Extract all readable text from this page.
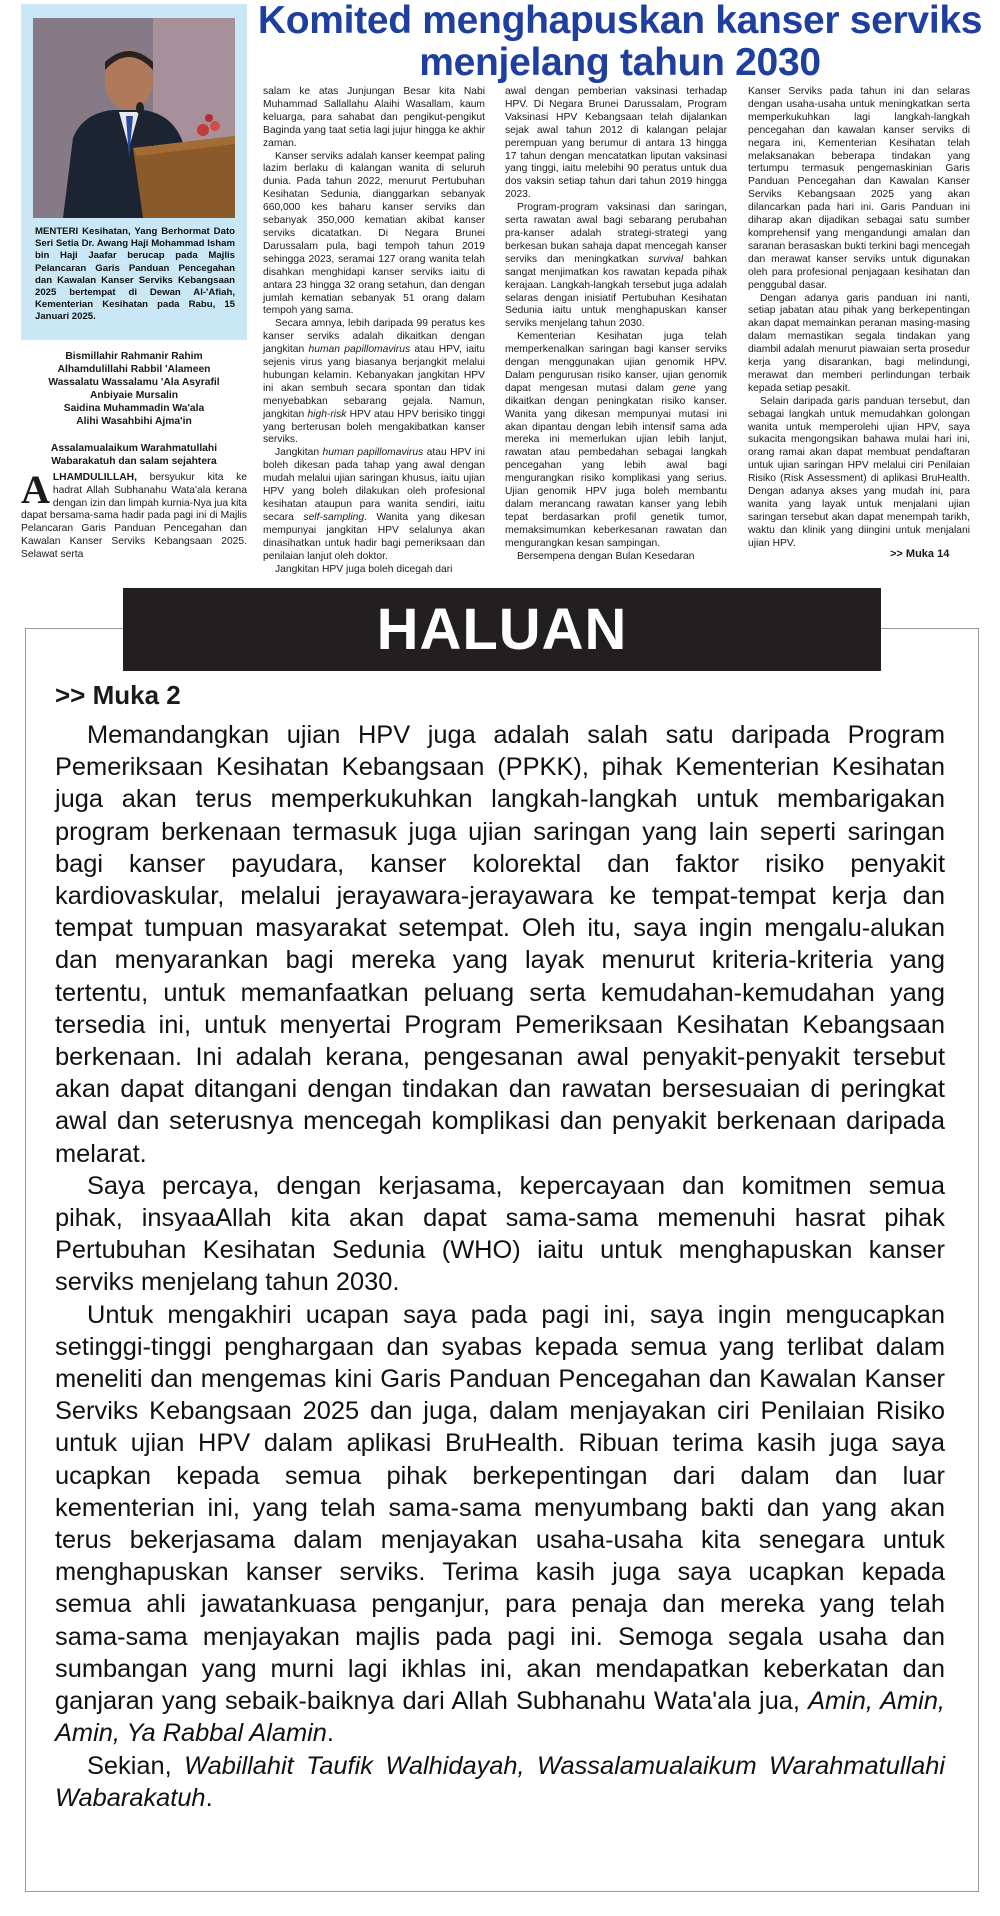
MENTERI Kesihatan, Yang Berhormat Dato Seri Setia Dr. Awang Haji Mohammad Isham bin Haji Jaafar berucap pada Majlis Pelancaran Garis Panduan Pencegahan dan Kawalan Kanser Serviks Kebangsaan 2025 bertempat di Dewan Al-'Afiah, Kementerian Kesihatan pada Rabu, 15 Januari 2025.

Bismillahir Rahmanir Rahim

Alhamdulillahi Rabbil 'Alameen

Wassalatu Wassalamu 'Ala Asyrafil

Anbiyaie Mursalin

Saidina Muhammadin Wa'ala

Alihi Wasahbihi Ajma'in

Assalamualaikum Warahmatullahi

Wabarakatuh dan salam sejahtera

ALHAMDULILLAH, bersyukur kita ke hadrat Allah Subhanahu Wata'ala kerana dengan izin dan limpah kurnia-Nya jua kita dapat bersama-sama hadir pada pagi ini di Majlis Pelancaran Garis Panduan Pencegahan dan Kawalan Kanser Serviks Kebangsaan 2025. Selawat serta
Komited menghapuskan kanser serviks menjelang tahun 2030

salam ke atas Junjungan Besar kita Nabi Muhammad Sallallahu Alaihi Wasallam, kaum keluarga, para sahabat dan pengikut-pengikut Baginda yang taat setia lagi jujur hingga ke akhir zaman.

Kanser serviks adalah kanser keempat paling lazim berlaku di kalangan wanita di seluruh dunia. Pada tahun 2022, menurut Pertubuhan Kesihatan Sedunia, dianggarkan sebanyak 660,000 kes baharu kanser serviks dan sebanyak 350,000 kematian akibat kanser serviks dicatatkan. Di Negara Brunei Darussalam pula, bagi tempoh tahun 2019 sehingga 2023, seramai 127 orang wanita telah disahkan menghidapi kanser serviks iaitu di antara 23 hingga 32 orang setahun, dan dengan jumlah kematian sebanyak 51 orang dalam tempoh yang sama.

Secara amnya, lebih daripada 99 peratus kes kanser serviks adalah dikaitkan dengan jangkitan human papillomavirus atau HPV, iaitu sejenis virus yang biasanya berjangkit melalui hubungan kelamin. Kebanyakan jangkitan HPV ini akan sembuh secara spontan dan tidak menyebabkan sebarang gejala. Namun, jangkitan high-risk HPV atau HPV berisiko tinggi yang berterusan boleh mengakibatkan kanser serviks.

Jangkitan human papillomavirus atau HPV ini boleh dikesan pada tahap yang awal dengan mudah melalui ujian saringan khusus, iaitu ujian HPV yang boleh dilakukan oleh profesional kesihatan ataupun para wanita sendiri, iaitu secara self-sampling. Wanita yang dikesan mempunyai jangkitan HPV selalunya akan dinasihatkan untuk hadir bagi pemeriksaan dan penilaian lanjut oleh doktor.

Jangkitan HPV juga boleh dicegah dari

awal dengan pemberian vaksinasi terhadap HPV. Di Negara Brunei Darussalam, Program Vaksinasi HPV Kebangsaan telah dijalankan sejak awal tahun 2012 di kalangan pelajar perempuan yang berumur di antara 13 hingga 17 tahun dengan mencatatkan liputan vaksinasi yang tinggi, iaitu melebihi 90 peratus untuk dua dos vaksin setiap tahun dari tahun 2019 hingga 2023.

Program-program vaksinasi dan saringan, serta rawatan awal bagi sebarang perubahan pra-kanser adalah strategi-strategi yang berkesan bukan sahaja dapat mencegah kanser serviks dan meningkatkan survival bahkan sangat menjimatkan kos rawatan kepada pihak kerajaan. Langkah-langkah tersebut juga adalah selaras dengan inisiatif Pertubuhan Kesihatan Sedunia iaitu untuk menghapuskan kanser serviks menjelang tahun 2030.

Kementerian Kesihatan juga telah memperkenalkan saringan bagi kanser serviks dengan menggunakan ujian genomik HPV. Dalam pengurusan risiko kanser, ujian genomik dapat mengesan mutasi dalam gene yang dikaitkan dengan peningkatan risiko kanser. Wanita yang dikesan mempunyai mutasi ini akan dipantau dengan lebih intensif sama ada mereka ini memerlukan ujian lebih lanjut, rawatan atau pembedahan sebagai langkah pencegahan yang lebih awal bagi mengurangkan risiko komplikasi yang serius. Ujian genomik HPV juga boleh membantu dalam merancang rawatan kanser yang lebih tepat berdasarkan profil genetik tumor, memaksimumkan keberkesanan rawatan dan mengurangkan kesan sampingan.

Bersempena dengan Bulan Kesedaran

Kanser Serviks pada tahun ini dan selaras dengan usaha-usaha untuk meningkatkan serta memperkukuhkan lagi langkah-langkah pencegahan dan kawalan kanser serviks di negara ini, Kementerian Kesihatan telah melaksanakan beberapa tindakan yang tertumpu termasuk pengemaskinian Garis Panduan Pencegahan dan Kawalan Kanser Serviks Kebangsaan 2025 yang akan dilancarkan pada hari ini. Garis Panduan ini diharap akan dijadikan sebagai satu sumber komprehensif yang mengandungi amalan dan saranan berasaskan bukti terkini bagi mencegah dan merawat kanser serviks untuk digunakan oleh para profesional penjagaan kesihatan dan penggubal dasar.

Dengan adanya garis panduan ini nanti, setiap jabatan atau pihak yang berkepentingan akan dapat memainkan peranan masing-masing dalam memastikan segala tindakan yang diambil adalah menurut piawaian serta prosedur kerja yang disarankan, bagi melindungi, merawat dan memberi perlindungan terbaik kepada setiap pesakit.

Selain daripada garis panduan tersebut, dan sebagai langkah untuk memudahkan golongan wanita untuk memperolehi ujian HPV, saya sukacita mengongsikan bahawa mulai hari ini, orang ramai akan dapat membuat pendaftaran untuk ujian saringan HPV melalui ciri Penilaian Risiko (Risk Assessment) di aplikasi BruHealth. Dengan adanya akses yang mudah ini, para wanita yang layak untuk menjalani ujian saringan tersebut akan dapat menempah tarikh, waktu dan klinik yang diingini untuk menjalani ujian HPV.

>> Muka 14
HALUAN
>> Muka 2

Memandangkan ujian HPV juga adalah salah satu daripada Program Pemeriksaan Kesihatan Kebangsaan (PPKK), pihak Kementerian Kesihatan juga akan terus memperkukuhkan langkah-langkah untuk membarigakan program berkenaan termasuk juga ujian saringan yang lain seperti saringan bagi kanser payudara, kanser kolorektal dan faktor risiko penyakit kardiovaskular, melalui jerayawara-jerayawara ke tempat-tempat kerja dan tempat tumpuan masyarakat setempat. Oleh itu, saya ingin mengalu-alukan dan menyarankan bagi mereka yang layak menurut kriteria-kriteria yang tertentu, untuk memanfaatkan peluang serta kemudahan-kemudahan yang tersedia ini, untuk menyertai Program Pemeriksaan Kesihatan Kebangsaan berkenaan. Ini adalah kerana, pengesanan awal penyakit-penyakit tersebut akan dapat ditangani dengan tindakan dan rawatan bersesuaian di peringkat awal dan seterusnya mencegah komplikasi dan penyakit berkenaan daripada melarat.

Saya percaya, dengan kerjasama, kepercayaan dan komitmen semua pihak, insyaaAllah kita akan dapat sama-sama memenuhi hasrat pihak Pertubuhan Kesihatan Sedunia (WHO) iaitu untuk menghapuskan kanser serviks menjelang tahun 2030.

Untuk mengakhiri ucapan saya pada pagi ini, saya ingin mengucapkan setinggi-tinggi penghargaan dan syabas kepada semua yang terlibat dalam meneliti dan mengemas kini Garis Panduan Pencegahan dan Kawalan Kanser Serviks Kebangsaan 2025 dan juga, dalam menjayakan ciri Penilaian Risiko untuk ujian HPV dalam aplikasi BruHealth. Ribuan terima kasih juga saya ucapkan kepada semua pihak berkepentingan dari dalam dan luar kementerian ini, yang telah sama-sama menyumbang bakti dan yang akan terus bekerjasama dalam menjayakan usaha-usaha kita senegara untuk menghapuskan kanser serviks. Terima kasih juga saya ucapkan kepada semua ahli jawatankuasa penganjur, para penaja dan mereka yang telah sama-sama menjayakan majlis pada pagi ini. Semoga segala usaha dan sumbangan yang murni lagi ikhlas ini, akan mendapatkan keberkatan dan ganjaran yang sebaik-baiknya dari Allah Subhanahu Wata'ala jua, Amin, Amin, Amin, Ya Rabbal Alamin.

Sekian, Wabillahit Taufik Walhidayah, Wassalamualaikum Warahmatullahi Wabarakatuh.
